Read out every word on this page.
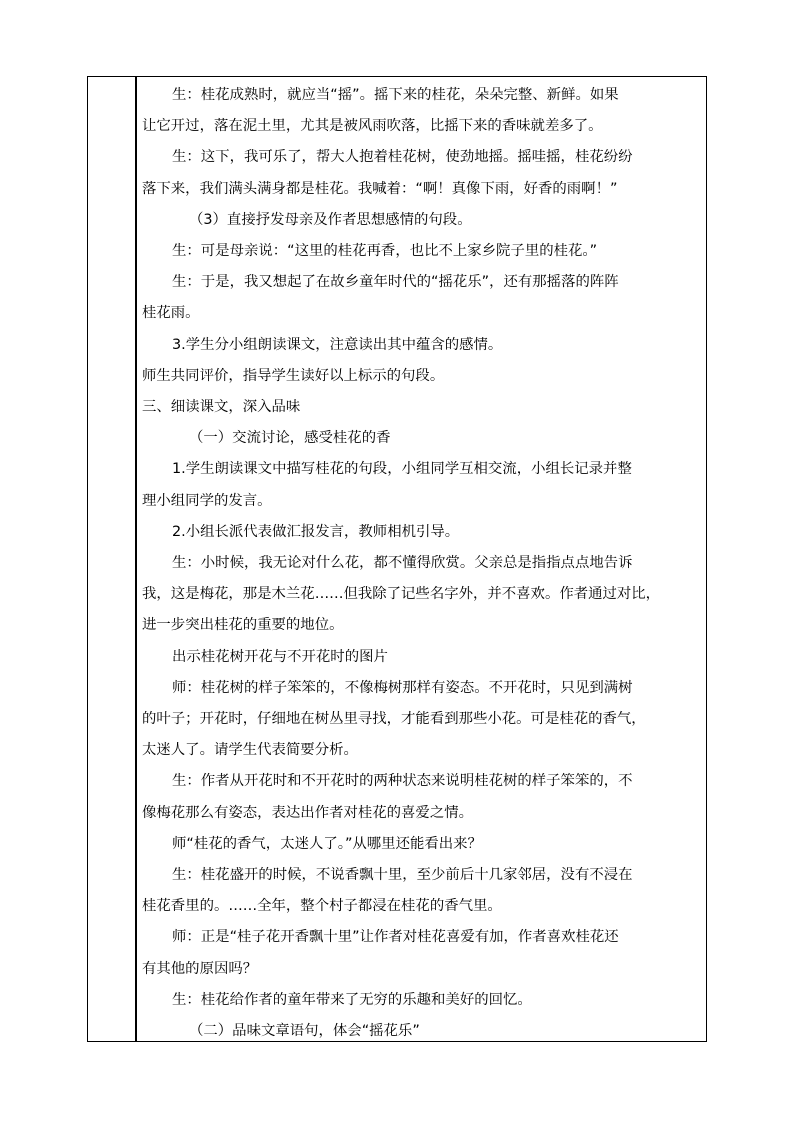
生：桂花成熟时，就应当“摇”。摇下来的桂花，朵朵完整、新鲜。如果

让它开过，落在泥土里，尤其是被风雨吹落，比摇下来的香味就差多了。

生：这下，我可乐了，帮大人抱着桂花树，使劲地摇。摇哇摇，桂花纷纷

落下来，我们满头满身都是桂花。我喊着：“啊！真像下雨，好香的雨啊！”

（3）直接抒发母亲及作者思想感情的句段。

生：可是母亲说：“这里的桂花再香，也比不上家乡院子里的桂花。”

生：于是，我又想起了在故乡童年时代的“摇花乐”，还有那摇落的阵阵

桂花雨。

3.学生分小组朗读课文，注意读出其中蕴含的感情。

师生共同评价，指导学生读好以上标示的句段。

三、细读课文，深入品味

（一）交流讨论，感受桂花的香

1.学生朗读课文中描写桂花的句段，小组同学互相交流，小组长记录并整

理小组同学的发言。

2.小组长派代表做汇报发言，教师相机引导。

生：小时候，我无论对什么花，都不懂得欣赏。父亲总是指指点点地告诉

我，这是梅花，那是木兰花……但我除了记些名字外，并不喜欢。作者通过对比，

进一步突出桂花的重要的地位。

出示桂花树开花与不开花时的图片

师：桂花树的样子笨笨的，不像梅树那样有姿态。不开花时，只见到满树

的叶子；开花时，仔细地在树丛里寻找，才能看到那些小花。可是桂花的香气，

太迷人了。请学生代表简要分析。

生：作者从开花时和不开花时的两种状态来说明桂花树的样子笨笨的，不

像梅花那么有姿态，表达出作者对桂花的喜爱之情。

师“桂花的香气，太迷人了。”从哪里还能看出来？

生：桂花盛开的时候，不说香飘十里，至少前后十几家邻居，没有不浸在

桂花香里的。……全年，整个村子都浸在桂花的香气里。

师：正是“桂子花开香飘十里”让作者对桂花喜爱有加，作者喜欢桂花还

有其他的原因吗？

生：桂花给作者的童年带来了无穷的乐趣和美好的回忆。

（二）品味文章语句，体会“摇花乐”
